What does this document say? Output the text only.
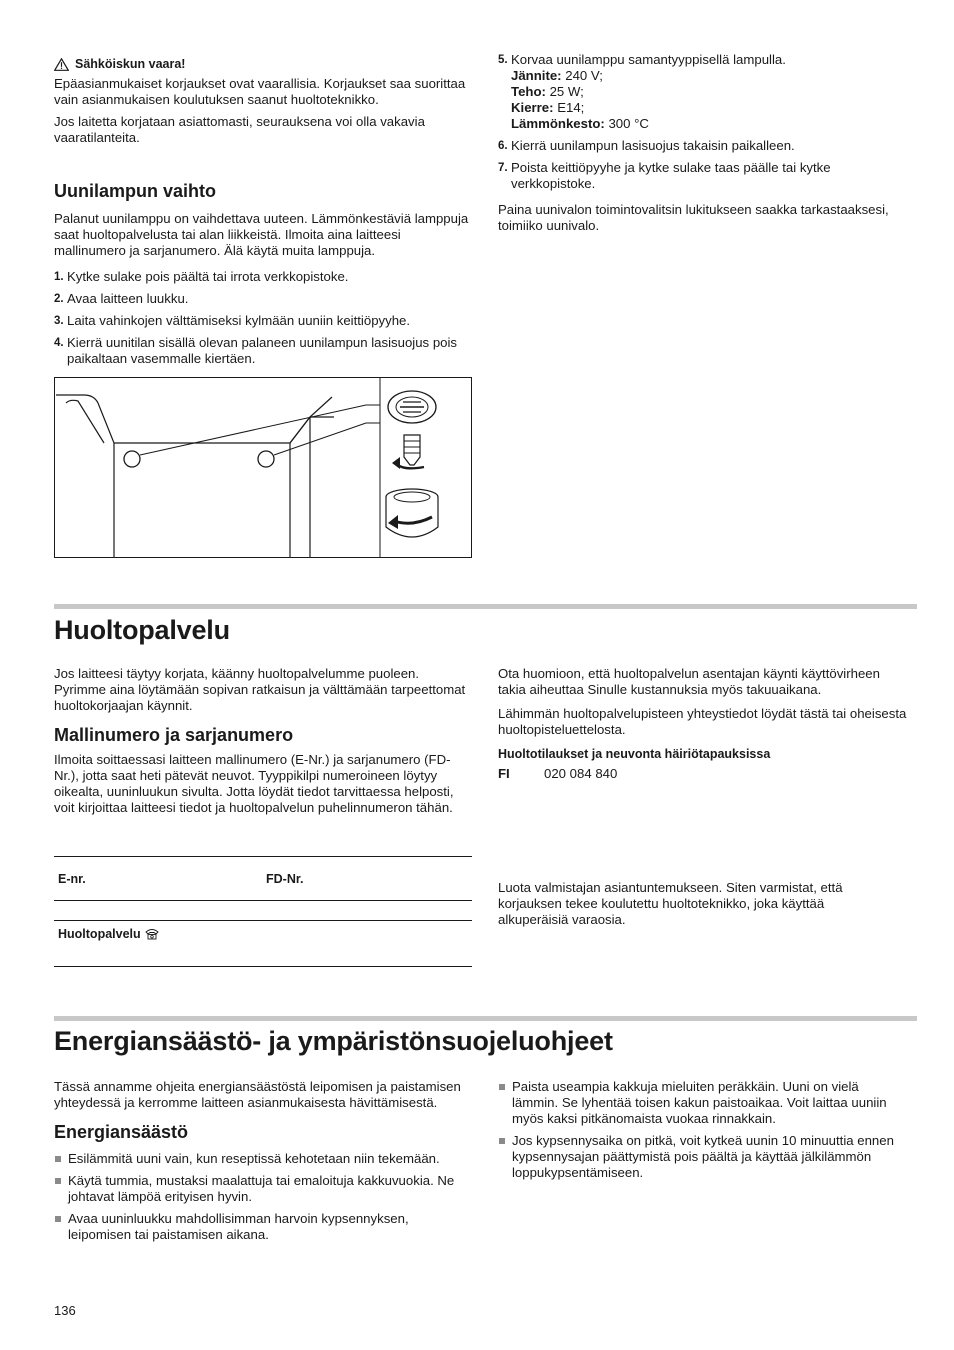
Sähköiskun vaara!

Epäasianmukaiset korjaukset ovat vaarallisia. Korjaukset saa suorittaa vain asianmukaisen koulutuksen saanut huoltoteknikko.

Jos laitetta korjataan asiattomasti, seurauksena voi olla vakavia vaaratilanteita.

Uunilampun vaihto

Palanut uunilamppu on vaihdettava uuteen. Lämmönkestäviä lamppuja saat huoltopalvelusta tai alan liikkeistä. Ilmoita aina laitteesi mallinumero ja sarjanumero. Älä käytä muita lamppuja.

1. Kytke sulake pois päältä tai irrota verkkopistoke.
2. Avaa laitteen luukku.
3. Laita vahinkojen välttämiseksi kylmään uuniin keittiöpyyhe.
4. Kierrä uunitilan sisällä olevan palaneen uunilampun lasisuojus pois paikaltaan vasemmalle kiertäen.
5. Korvaa uunilamppu samantyyppisellä lampulla.
Jännite: 240 V;
Teho: 25 W;
Kierre: E14;
Lämmönkesto: 300 °C
6. Kierrä uunilampun lasisuojus takaisin paikalleen.
7. Poista keittiöpyyhe ja kytke sulake taas päälle tai kytke verkkopistoke.

Paina uunivalon toimintovalitsin lukitukseen saakka tarkastaaksesi, toimiiko uunivalo.

Huoltopalvelu

Jos laitteesi täytyy korjata, käänny huoltopalvelumme puoleen. Pyrimme aina löytämään sopivan ratkaisun ja välttämään tarpeettomat huoltokorjaajan käynnit.

Mallinumero ja sarjanumero

Ilmoita soittaessasi laitteen mallinumero (E-Nr.) ja sarjanumero (FD-Nr.), jotta saat heti pätevät neuvot. Tyyppikilpi numeroineen löytyy oikealta, uuninluukun sivulta. Jotta löydät tiedot tarvittaessa helposti, voit kirjoittaa laitteesi tiedot ja huoltopalvelun puhelinnumeron tähän.

E-nr.	FD-Nr.
Huoltopalvelu

Ota huomioon, että huoltopalvelun asentajan käynti käyttövirheen takia aiheuttaa Sinulle kustannuksia myös takuuaikana.

Lähimmän huoltopalvelupisteen yhteystiedot löydät tästä tai oheisesta huoltopisteluettelosta.

Huoltotilaukset ja neuvonta häiriötapauksissa
FI	020 084 840

Luota valmistajan asiantuntemukseen. Siten varmistat, että korjauksen tekee koulutettu huoltoteknikko, joka käyttää alkuperäisiä varaosia.

Energiansäästö- ja ympäristönsuojeluohjeet

Tässä annamme ohjeita energiansäästöstä leipomisen ja paistamisen yhteydessä ja kerromme laitteen asianmukaisesta hävittämisestä.

Energiansäästö
Esilämmitä uuni vain, kun reseptissä kehotetaan niin tekemään.
Käytä tummia, mustaksi maalattuja tai emaloituja kakkuvuokia. Ne johtavat lämpöä erityisen hyvin.
Avaa uuninluukku mahdollisimman harvoin kypsennyksen, leipomisen tai paistamisen aikana.
Paista useampia kakkuja mieluiten peräkkäin. Uuni on vielä lämmin. Se lyhentää toisen kakun paistoaikaa. Voit laittaa uuniin myös kaksi pitkänomaista vuokaa rinnakkain.
Jos kypsennysaika on pitkä, voit kytkeä uunin 10 minuuttia ennen kypsennysajan päättymistä pois päältä ja käyttää jälkilämmön loppukypsentämiseen.
136
